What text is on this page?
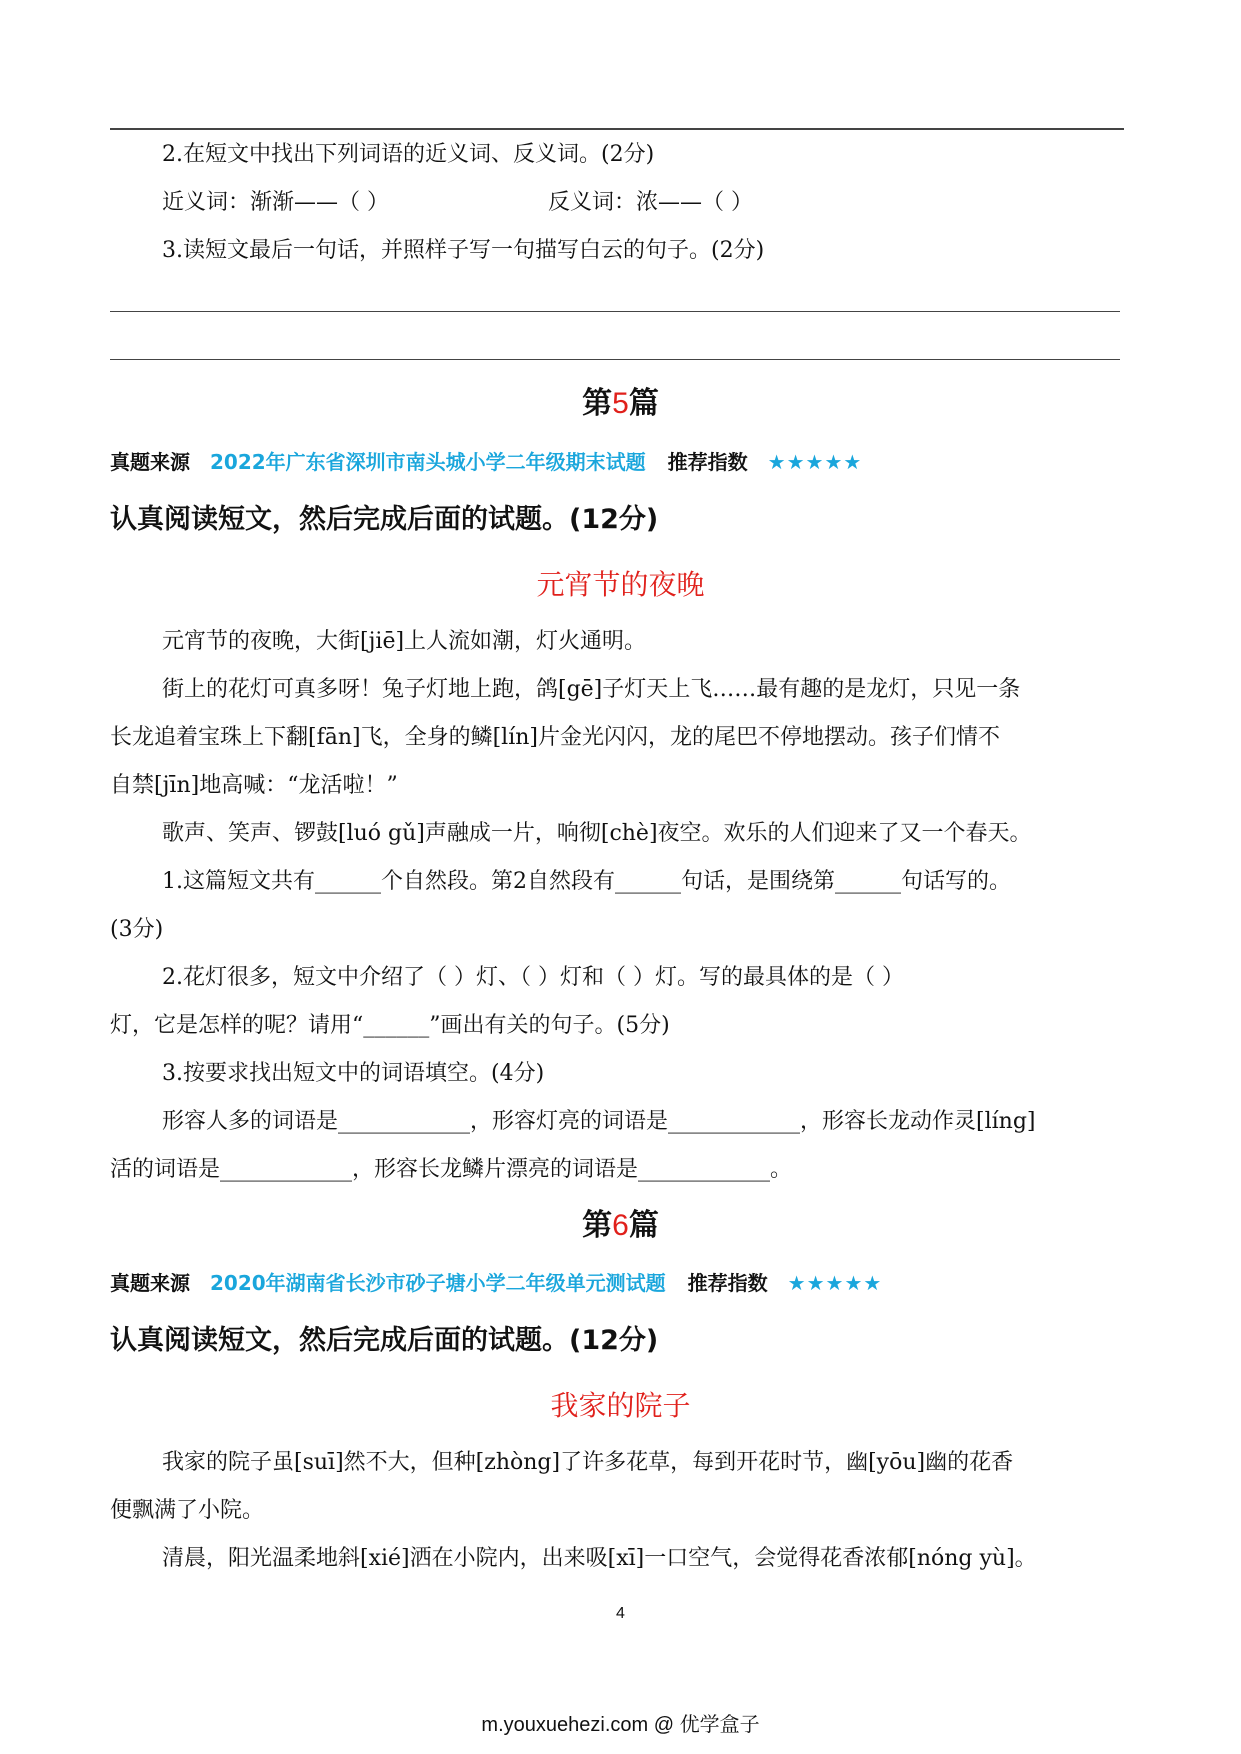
2.在短文中找出下列词语的近义词、反义词。(2分)
近义词：渐渐——（ ）	反义词：浓——（ ）
3.读短文最后一句话，并照样子写一句描写白云的句子。(2分)
第5篇
真题来源 2022年广东省深圳市南头城小学二年级期末试题 推荐指数 ★★★★★
认真阅读短文，然后完成后面的试题。(12分)
元宵节的夜晚
元宵节的夜晚，大街[jiē]上人流如潮，灯火通明。
街上的花灯可真多呀！兔子灯地上跑，鸽[gē]子灯天上飞……最有趣的是龙灯，只见一条
长龙追着宝珠上下翻[fān]飞，全身的鳞[lín]片金光闪闪，龙的尾巴不停地摆动。孩子们情不
自禁[jīn]地高喊：“龙活啦！”
歌声、笑声、锣鼓[luó gǔ]声融成一片，响彻[chè]夜空。欢乐的人们迎来了又一个春天。
1.这篇短文共有______个自然段。第2自然段有______句话，是围绕第______句话写的。
(3分)
2.花灯很多，短文中介绍了（ ）灯、（ ）灯和（ ）灯。写的最具体的是（ ）
灯，它是怎样的呢？请用“______”画出有关的句子。(5分)
3.按要求找出短文中的词语填空。(4分)
形容人多的词语是____________，形容灯亮的词语是____________，形容长龙动作灵[líng]
活的词语是____________，形容长龙鳞片漂亮的词语是____________。
第6篇
真题来源 2020年湖南省长沙市砂子塘小学二年级单元测试题 推荐指数 ★★★★★
认真阅读短文，然后完成后面的试题。(12分)
我家的院子
我家的院子虽[suī]然不大，但种[zhòng]了许多花草，每到开花时节，幽[yōu]幽的花香
便飘满了小院。
清晨，阳光温柔地斜[xié]洒在小院内，出来吸[xī]一口空气，会觉得花香浓郁[nóng yù]。
4
m.youxuehezi.com @ 优学盒子
